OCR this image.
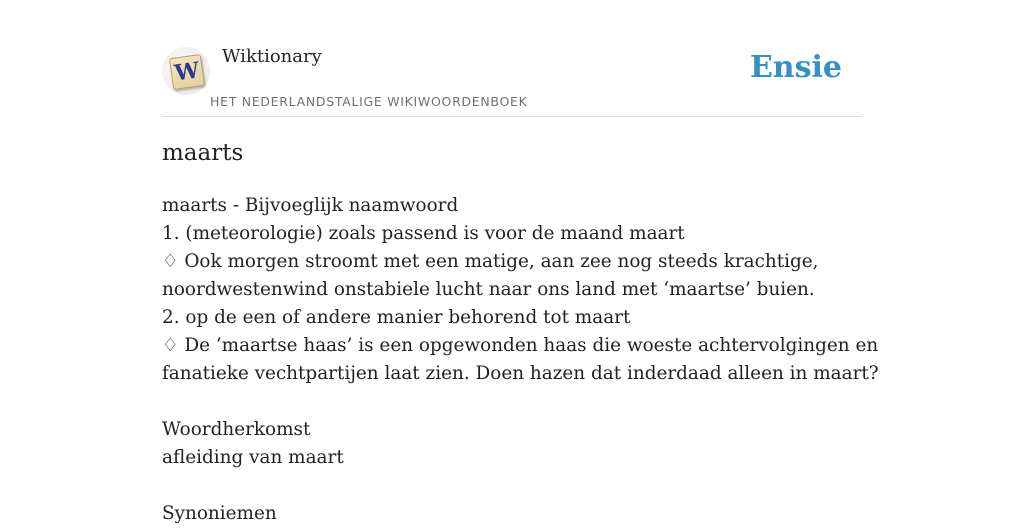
W
Wiktionary
HET NEDERLANDSTALIGE WIKIWOORDENBOEK
Ensie
maarts
maarts - Bijvoeglijk naamwoord
1. (meteorologie) zoals passend is voor de maand maart
♢ Ook morgen stroomt met een matige, aan zee nog steeds krachtige,
noordwestenwind onstabiele lucht naar ons land met ‘maartse’ buien.
2. op de een of andere manier behorend tot maart
♢ De ‘maartse haas’ is een opgewonden haas die woeste achtervolgingen en
fanatieke vechtpartijen laat zien. Doen hazen dat inderdaad alleen in maart?
Woordherkomst
afleiding van maart
Synoniemen
